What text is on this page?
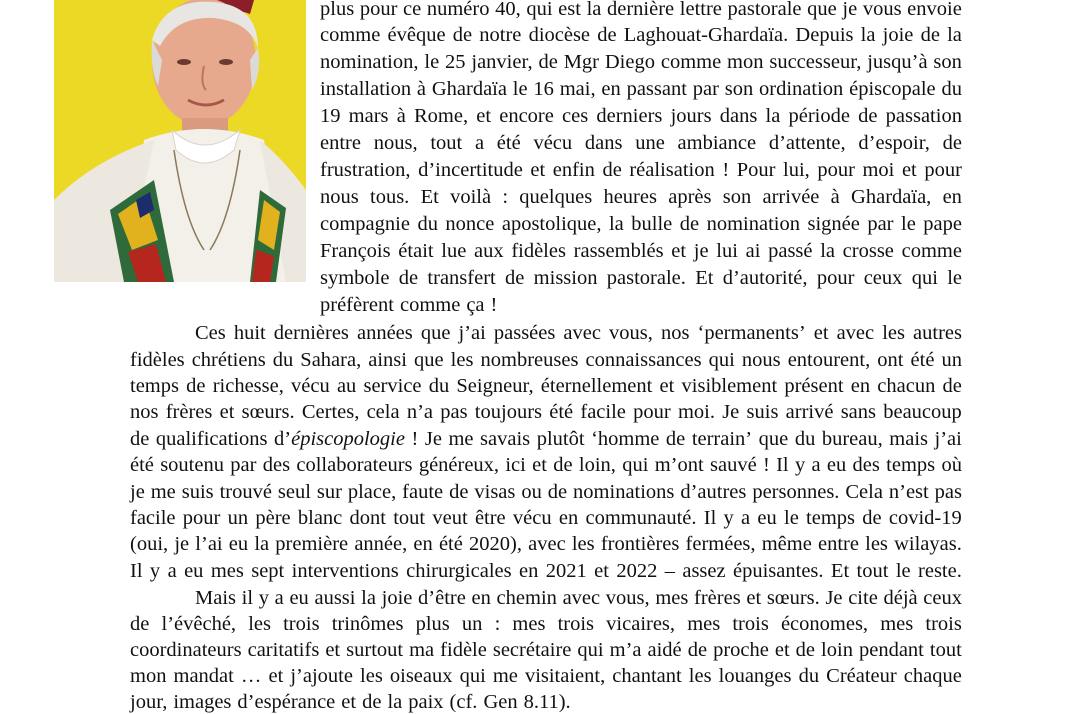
plus pour ce numéro 40, qui est la dernière lettre pastorale que je vous envoie
comme évêque de notre diocèse de Laghouat-Ghardaïa. Depuis la joie de la
nomination, le 25 janvier, de Mgr Diego comme mon successeur, jusqu’à son
installation à Ghardaïa le 16 mai, en passant par son ordination épiscopale du
19 mars à Rome, et encore ces derniers jours dans la période de passation
entre nous, tout a été vécu dans une ambiance d’attente, d’espoir, de
frustration, d’incertitude et enfin de réalisation ! Pour lui, pour moi et pour
nous tous. Et voilà : quelques heures après son arrivée à Ghardaïa, en
compagnie du nonce apostolique, la bulle de nomination signée par le pape
François était lue aux fidèles rassemblés et je lui ai passé la crosse comme
symbole de transfert de mission pastorale. Et d’autorité, pour ceux qui le
préfèrent comme ça !
Ces huit dernières années que j’ai passées avec vous, nos ‘permanents’ et avec les autres
fidèles chrétiens du Sahara, ainsi que les nombreuses connaissances qui nous entourent, ont été un
temps de richesse, vécu au service du Seigneur, éternellement et visiblement présent en chacun de
nos frères et sœurs. Certes, cela n’a pas toujours été facile pour moi. Je suis arrivé sans beaucoup
de qualifications d’épiscopologie ! Je me savais plutôt ‘homme de terrain’ que du bureau, mais j’ai
été soutenu par des collaborateurs généreux, ici et de loin, qui m’ont sauvé ! Il y a eu des temps où
je me suis trouvé seul sur place, faute de visas ou de nominations d’autres personnes. Cela n’est pas
facile pour un père blanc dont tout veut être vécu en communauté. Il y a eu le temps de covid-19
(oui, je l’ai eu la première année, en été 2020), avec les frontières fermées, même entre les wilayas.
Il y a eu mes sept interventions chirurgicales en 2021 et 2022 – assez épuisantes. Et tout le reste.
Mais il y a eu aussi la joie d’être en chemin avec vous, mes frères et sœurs. Je cite déjà ceux
de l’évêché, les trois trinômes plus un : mes trois vicaires, mes trois économes, mes trois
coordinateurs caritatifs et surtout ma fidèle secrétaire qui m’a aidé de proche et de loin pendant tout
mon mandat … et j’ajoute les oiseaux qui me visitaient, chantant les louanges du Créateur chaque
jour, images d’espérance et de la paix (cf. Gen 8.11).
